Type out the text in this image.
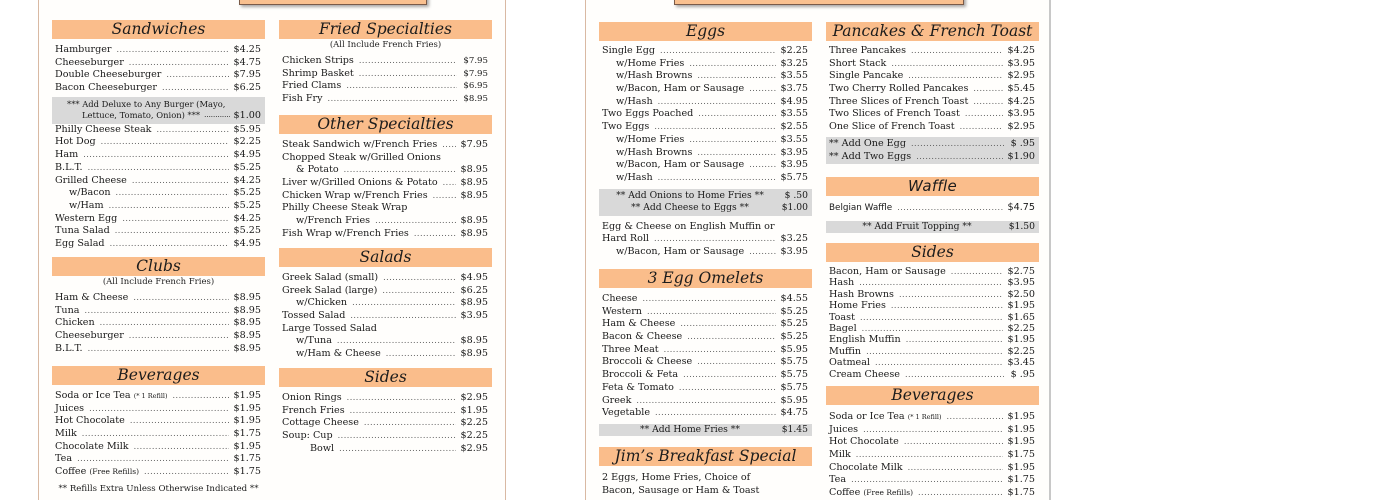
Sandwiches
Hamburger .....	$4.25
Cheeseburger .....	$4.75
Double Cheeseburger .....	$7.95
Bacon Cheeseburger .....	$6.25
*** Add Deluxe to Any Burger (Mayo,
Lettuce, Tomato, Onion) *** .....	$1.00
Philly Cheese Steak .....	$5.95
Hot Dog .....	$2.25
Ham .....	$4.95
B.L.T. .....	$5.25
Grilled Cheese .....	$4.25
w/Bacon .....	$5.25
w/Ham .....	$5.25
Western Egg .....	$4.25
Tuna Salad .....	$5.25
Egg Salad .....	$4.95
Clubs
(All Include French Fries)
Ham & Cheese .....	$8.95
Tuna .....	$8.95
Chicken .....	$8.95
Cheeseburger .....	$8.95
B.L.T. .....	$8.95
Beverages
Soda or Ice Tea (* 1 Refill) .....	$1.95
Juices .....	$1.95
Hot Chocolate .....	$1.95
Milk .....	$1.75
Chocolate Milk .....	$1.95
Tea .....	$1.75
Coffee (Free Refills) .....	$1.75
** Refills Extra Unless Otherwise Indicated **
Fried Specialties
(All Include French Fries)
Chicken Strips .....	$7.95
Shrimp Basket .....	$7.95
Fried Clams .....	$6.95
Fish Fry .....	$8.95
Other Specialties
Steak Sandwich w/French Fries ..... $7.95
Chopped Steak w/Grilled Onions
& Potato .....	$8.95
Liver w/Grilled Onions & Potato ..... $8.95
Chicken Wrap w/French Fries .....	$8.95
Philly Cheese Steak Wrap
w/French Fries .....	$8.95
Fish Wrap w/French Fries .....	$8.95
Salads
Greek Salad (small) .....	$4.95
Greek Salad (large) .....	$6.25
w/Chicken .....	$8.95
Tossed Salad .....	$3.95
Large Tossed Salad
w/Tuna .....	$8.95
w/Ham & Cheese .....	$8.95
Sides
Onion Rings .....	$2.95
French Fries .....	$1.95
Cottage Cheese .....	$2.25
Soup: Cup .....	$2.25
Bowl .....	$2.95
Eggs
Single Egg .....	$2.25
w/Home Fries .....	$3.25
w/Hash Browns .....	$3.55
w/Bacon, Ham or Sausage .....	$3.75
w/Hash .....	$4.95
Two Eggs Poached .....	$3.55
Two Eggs .....	$2.55
w/Home Fries .....	$3.55
w/Hash Browns .....	$3.95
w/Bacon, Ham or Sausage .....	$3.95
w/Hash .....	$5.75
** Add Onions to Home Fries **	$ .50
** Add Cheese to Eggs **	$1.00
Egg & Cheese on English Muffin or
Hard Roll .....	$3.25
w/Bacon, Ham or Sausage .....	$3.95
3 Egg Omelets
Cheese .....	$4.55
Western .....	$5.25
Ham & Cheese .....	$5.25
Bacon & Cheese .....	$5.25
Three Meat .....	$5.95
Broccoli & Cheese .....	$5.75
Broccoli & Feta .....	$5.75
Feta & Tomato .....	$5.75
Greek .....	$5.95
Vegetable .....	$4.75
** Add Home Fries **	$1.45
Jim’s Breakfast Special
2 Eggs, Home Fries, Choice of
Bacon, Sausage or Ham & Toast
Pancakes & French Toast
Three Pancakes .....	$4.25
Short Stack .....	$3.95
Single Pancake .....	$2.95
Two Cherry Rolled Pancakes .....	$5.45
Three Slices of French Toast .....	$4.25
Two Slices of French Toast .....	$3.95
One Slice of French Toast .....	$2.95
** Add One Egg .....	$ .95
** Add Two Eggs .....	$1.90
Waffle
Belgian Waffle .....	$4.75
** Add Fruit Topping **	$1.50
Sides
Bacon, Ham or Sausage .....	$2.75
Hash .....	$3.95
Hash Browns .....	$2.50
Home Fries .....	$1.95
Toast .....	$1.65
Bagel .....	$2.25
English Muffin .....	$1.95
Muffin .....	$2.25
Oatmeal .....	$3.45
Cream Cheese .....	$ .95
Beverages
Soda or Ice Tea (* 1 Refill) .....	$1.95
Juices .....	$1.95
Hot Chocolate .....	$1.95
Milk .....	$1.75
Chocolate Milk .....	$1.95
Tea .....	$1.75
Coffee (Free Refills) .....	$1.75
